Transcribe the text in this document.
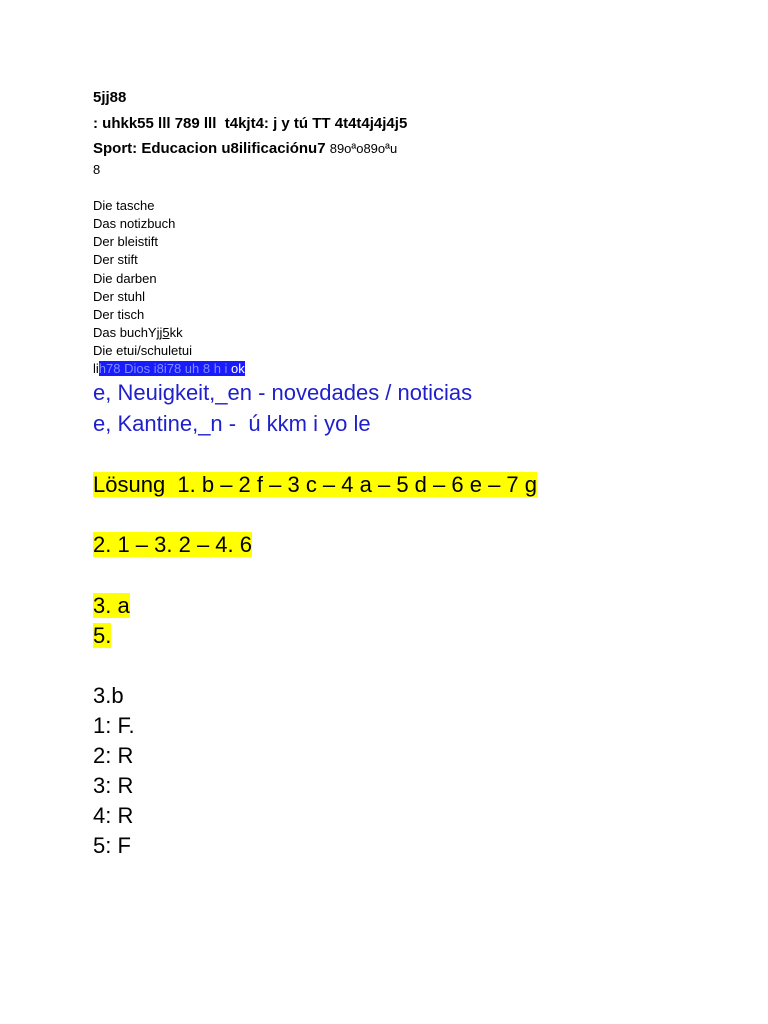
5jj88
: uhkk55 lll 789 lll  t4kjt4: j y tú TT 4t4t4j4j4j5
Sport: Educacion u8ilificaciónu7 89oªo89oªu
8
Die tasche
Das notizbuch
Der bleistift
Der stift
Die darben
Der stuhl
Der tisch
Das buchYjj5kk
Die etui/schuletui
lih78 Dios i8i78 uh 8 h i ok
e, Neuigkeit,_en - novedades / noticias
e, Kantine,_n -  ú kkm i yo le
Lösung  1. b – 2 f – 3 c – 4 a – 5 d – 6 e – 7 g
2. 1 – 3. 2 – 4. 6
3. a
5.
3.b
1: F.
2: R
3: R
4: R
5: F
